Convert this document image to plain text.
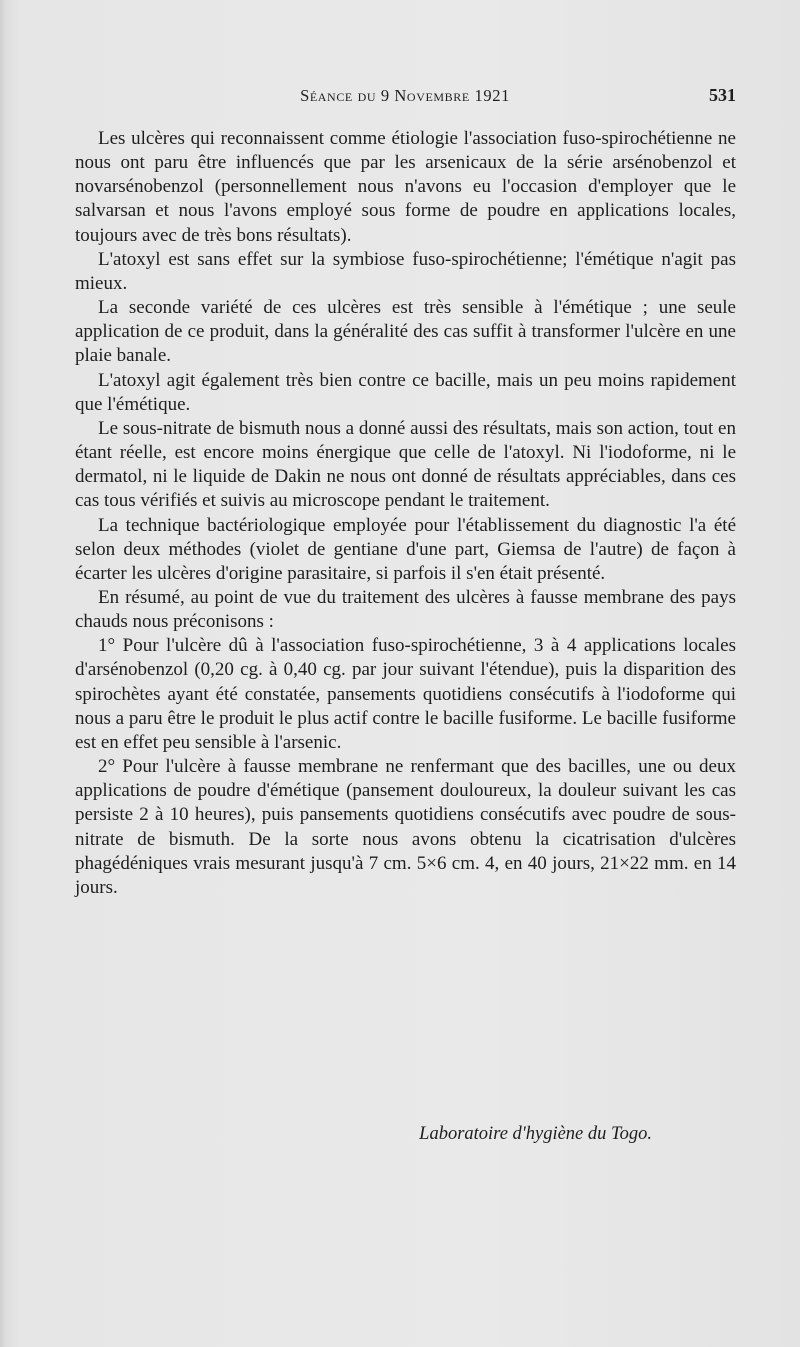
Séance du 9 Novembre 1921	531

Les ulcères qui reconnaissent comme étiologie l'association fuso-spirochétienne ne nous ont paru être influencés que par les arsenicaux de la série arsénobenzol et novarsénobenzol (personnellement nous n'avons eu l'occasion d'employer que le salvarsan et nous l'avons employé sous forme de poudre en applications locales, toujours avec de très bons résultats).

L'atoxyl est sans effet sur la symbiose fuso-spirochétienne; l'émétique n'agit pas mieux.

La seconde variété de ces ulcères est très sensible à l'émétique ; une seule application de ce produit, dans la généralité des cas suffit à transformer l'ulcère en une plaie banale.

L'atoxyl agit également très bien contre ce bacille, mais un peu moins rapidement que l'émétique.

Le sous-nitrate de bismuth nous a donné aussi des résultats, mais son action, tout en étant réelle, est encore moins énergique que celle de l'atoxyl. Ni l'iodoforme, ni le dermatol, ni le liquide de Dakin ne nous ont donné de résultats appréciables, dans ces cas tous vérifiés et suivis au microscope pendant le traitement.

La technique bactériologique employée pour l'établissement du diagnostic l'a été selon deux méthodes (violet de gentiane d'une part, Giemsa de l'autre) de façon à écarter les ulcères d'origine parasitaire, si parfois il s'en était présenté.

En résumé, au point de vue du traitement des ulcères à fausse membrane des pays chauds nous préconisons :

1° Pour l'ulcère dû à l'association fuso-spirochétienne, 3 à 4 applications locales d'arsénobenzol (0,20 cg. à 0,40 cg. par jour suivant l'étendue), puis la disparition des spirochètes ayant été constatée, pansements quotidiens consécutifs à l'iodoforme qui nous a paru être le produit le plus actif contre le bacille fusiforme. Le bacille fusiforme est en effet peu sensible à l'arsenic.

2° Pour l'ulcère à fausse membrane ne renfermant que des bacilles, une ou deux applications de poudre d'émétique (pansement douloureux, la douleur suivant les cas persiste 2 à 10 heures), puis pansements quotidiens consécutifs avec poudre de sous-nitrate de bismuth. De la sorte nous avons obtenu la cicatrisation d'ulcères phagédéniques vrais mesurant jusqu'à 7 cm. 5×6 cm. 4, en 40 jours, 21×22 mm. en 14 jours.

Laboratoire d'hygiène du Togo.
